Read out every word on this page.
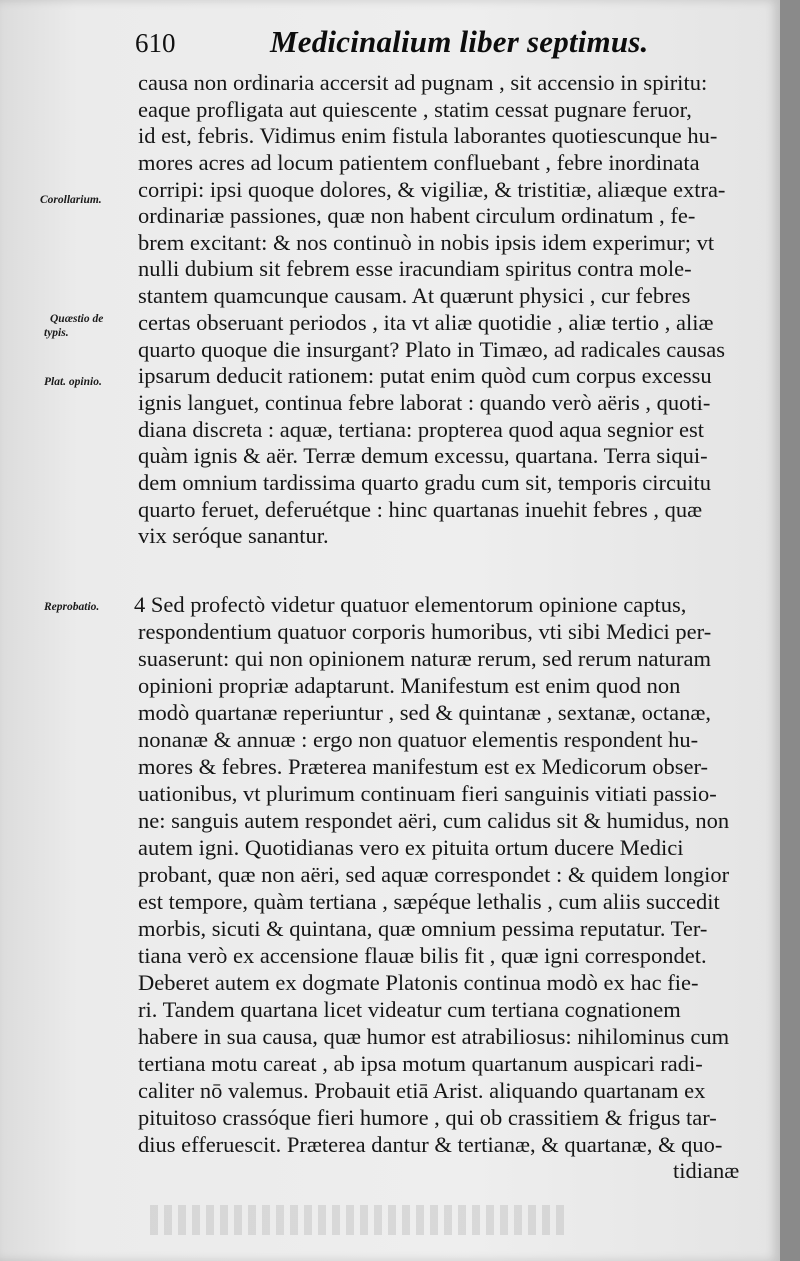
610	Medicinalium liber septimus.
Corollarium.
Quæstio de
typis.
Plat. opinio.
Reprobatio.
causa non ordinaria accersit ad pugnam , sit accensio in spiritu:
eaque profligata aut quiescente , statim cessat pugnare feruor,
id est, febris. Vidimus enim fistula laborantes quotiescunque hu-
mores acres ad locum patientem confluebant , febre inordinata
corripi: ipsi quoque dolores, & vigiliæ, & tristitiæ, aliæque extra-
ordinariæ passiones, quæ non habent circulum ordinatum , fe-
brem excitant: & nos continuò in nobis ipsis idem experimur; vt
nulli dubium sit febrem esse iracundiam spiritus contra mole-
stantem quamcunque causam. At quærunt physici , cur febres
certas obseruant periodos , ita vt aliæ quotidie , aliæ tertio , aliæ
quarto quoque die insurgant? Plato in Timæo, ad radicales causas
ipsarum deducit rationem: putat enim quòd cum corpus excessu
ignis languet, continua febre laborat : quando verò aëris , quoti-
diana discreta : aquæ, tertiana: propterea quod aqua segnior est
quàm ignis & aër. Terræ demum excessu, quartana. Terra siqui-
dem omnium tardissima quarto gradu cum sit, temporis circuitu
quarto feruet, deferuétque : hinc quartanas inuehit febres , quæ
vix seróque sanantur.
4 Sed profectò videtur quatuor elementorum opinione captus,
respondentium quatuor corporis humoribus, vti sibi Medici per-
suaserunt: qui non opinionem naturæ rerum, sed rerum naturam
opinioni propriæ adaptarunt. Manifestum est enim quod non
modò quartanæ reperiuntur , sed & quintanæ , sextanæ, octanæ,
nonanæ & annuæ : ergo non quatuor elementis respondent hu-
mores & febres. Præterea manifestum est ex Medicorum obser-
uationibus, vt plurimum continuam fieri sanguinis vitiati passio-
ne: sanguis autem respondet aëri, cum calidus sit & humidus, non
autem igni. Quotidianas vero ex pituita ortum ducere Medici
probant, quæ non aëri, sed aquæ correspondet : & quidem longior
est tempore, quàm tertiana , sæpéque lethalis , cum aliis succedit
morbis, sicuti & quintana, quæ omnium pessima reputatur. Ter-
tiana verò ex accensione flauæ bilis fit , quæ igni correspondet.
Deberet autem ex dogmate Platonis continua modò ex hac fie-
ri. Tandem quartana licet videatur cum tertiana cognationem
habere in sua causa, quæ humor est atrabiliosus: nihilominus cum
tertiana motu careat , ab ipsa motum quartanum auspicari radi-
caliter nō valemus. Probauit etiā Arist. aliquando quartanam ex
pituitoso crassóque fieri humore , qui ob crassitiem & frigus tar-
dius efferuescit. Præterea dantur & tertianæ, & quartanæ, & quo-
tidianæ
